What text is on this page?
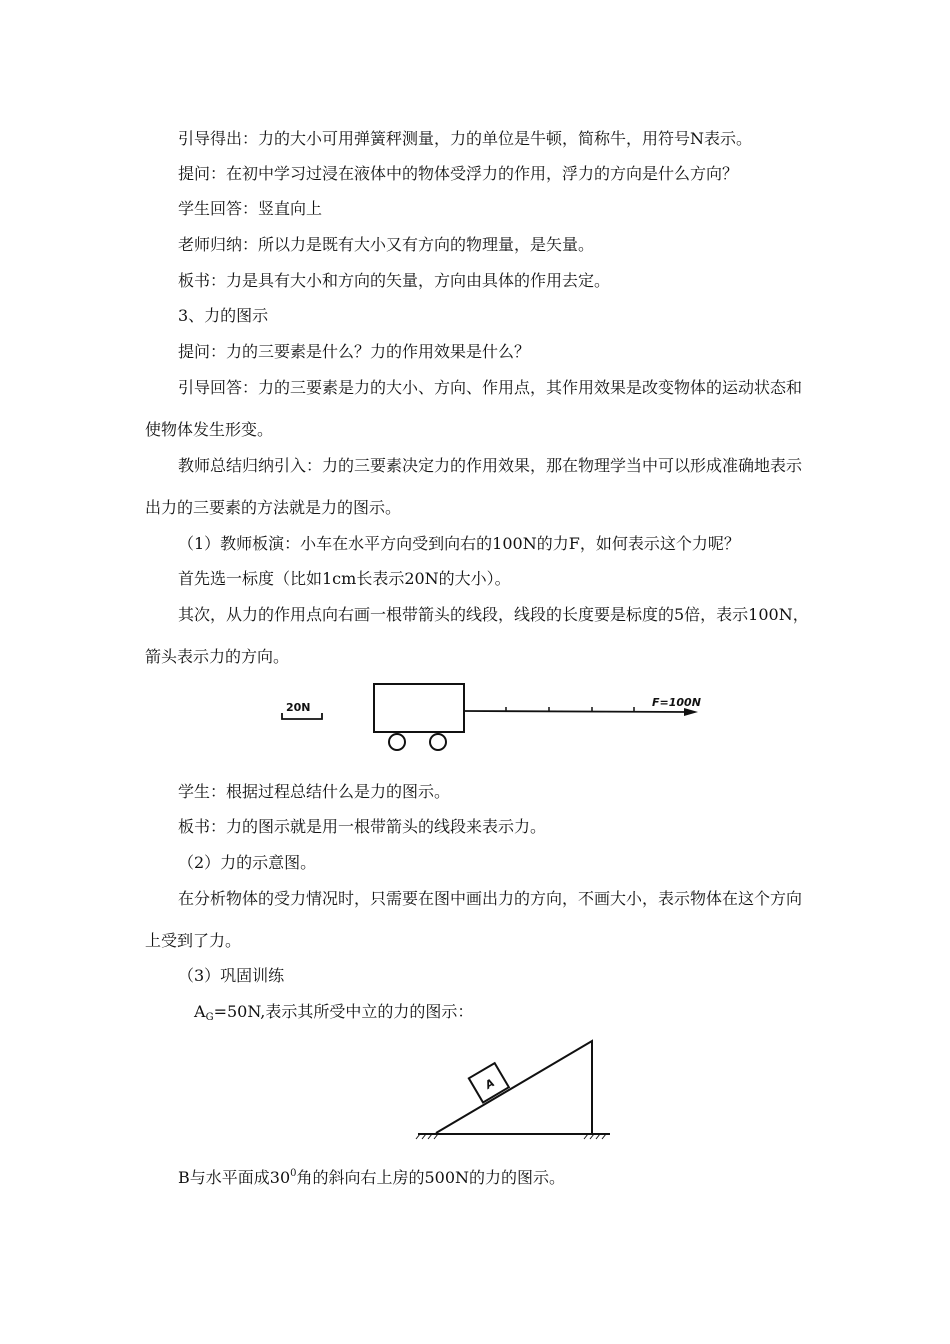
引导得出：力的大小可用弹簧秤测量，力的单位是牛顿，简称牛，用符号N表示。
提问：在初中学习过浸在液体中的物体受浮力的作用，浮力的方向是什么方向？
学生回答：竖直向上
老师归纳：所以力是既有大小又有方向的物理量，是矢量。
板书：力是具有大小和方向的矢量，方向由具体的作用去定。
3、力的图示
提问：力的三要素是什么？力的作用效果是什么？
引导回答：力的三要素是力的大小、方向、作用点，其作用效果是改变物体的运动状态和
使物体发生形变。
教师总结归纳引入：力的三要素决定力的作用效果，那在物理学当中可以形成准确地表示
出力的三要素的方法就是力的图示。
（1）教师板演：小车在水平方向受到向右的100N的力F，如何表示这个力呢？
首先选一标度（比如1cm长表示20N的大小）。
其次，从力的作用点向右画一根带箭头的线段，线段的长度要是标度的5倍，表示100N，
箭头表示力的方向。
20N	F=100N
学生：根据过程总结什么是力的图示。
板书：力的图示就是用一根带箭头的线段来表示力。
（2）力的示意图。
在分析物体的受力情况时，只需要在图中画出力的方向，不画大小，表示物体在这个方向
上受到了力。
（3）巩固训练
$A_G=50N$,表示其所受中立的力的图示：
A
B与水平面成$30^0$角的斜向右上房的500N的力的图示。
